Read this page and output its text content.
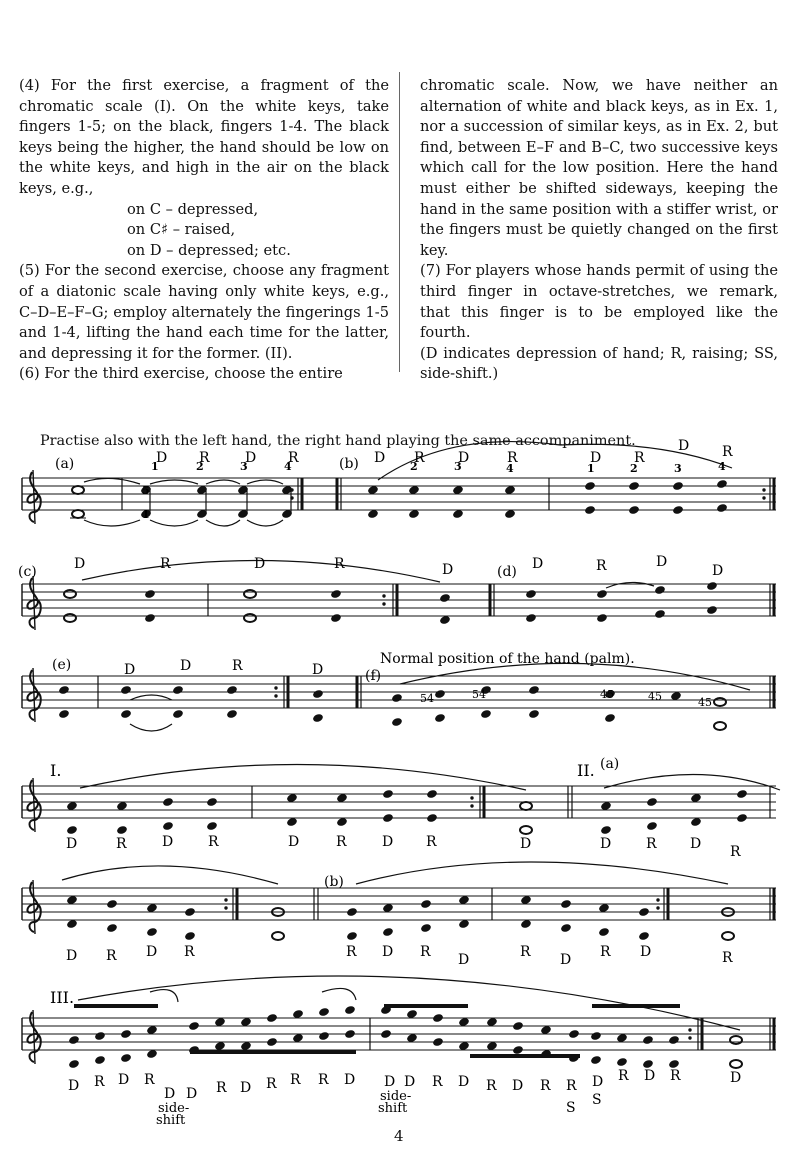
(4) For the first exercise, a fragment of the chromatic scale (I). On the white keys, take fingers 1-5; on the black, fingers 1-4. The black keys being the higher, the hand should be low on the white keys, and high in the air on the black keys, e.g.,

on C – depressed,

on C♯ – raised,

on D – depressed; etc.

(5) For the second exercise, choose any fragment of a diatonic scale having only white keys, e.g., C–D–E–F–G; employ alternately the fingerings 1-5 and 1-4, lifting the hand each time for the latter, and depressing it for the former. (II).

(6) For the third exercise, choose the entire

chromatic scale. Now, we have neither an alternation of white and black keys, as in Ex. 1, nor a succession of similar keys, as in Ex. 2, but find, between E–F and B–C, two successive keys which call for the low position. Here the hand must either be shifted sideways, keeping the hand in the same position with a stiffer wrist, or the fingers must be quietly changed on the first key.

(7) For players whose hands permit of using the third finger in octave-stretches, we remark, that this finger is to be employed like the fourth.

(D indicates depression of hand; R, raising; SS, side-shift.)

Practise also with the left hand, the right hand playing the same accompaniment.
(a)	(b)
D R	D R	D R D	R	D R
D R
1	2	3	4
5
1
2	3	4	1	2	3	4
(c)	(d)
D	R	D	R	D	D	R	D
D
(e)
(f)
Normal position of the hand (palm).
D	D	R	D
54	54	45	45	45
I.	II. (a)
D	R	D R	D	R	D R	D	D R D R
(b)
D R D R	R D R D	R D R D	R
III.
D R D R
D D R D R R R D D D R D R D R R D R D R	D
S S
side-
shift
side-
shift
4
